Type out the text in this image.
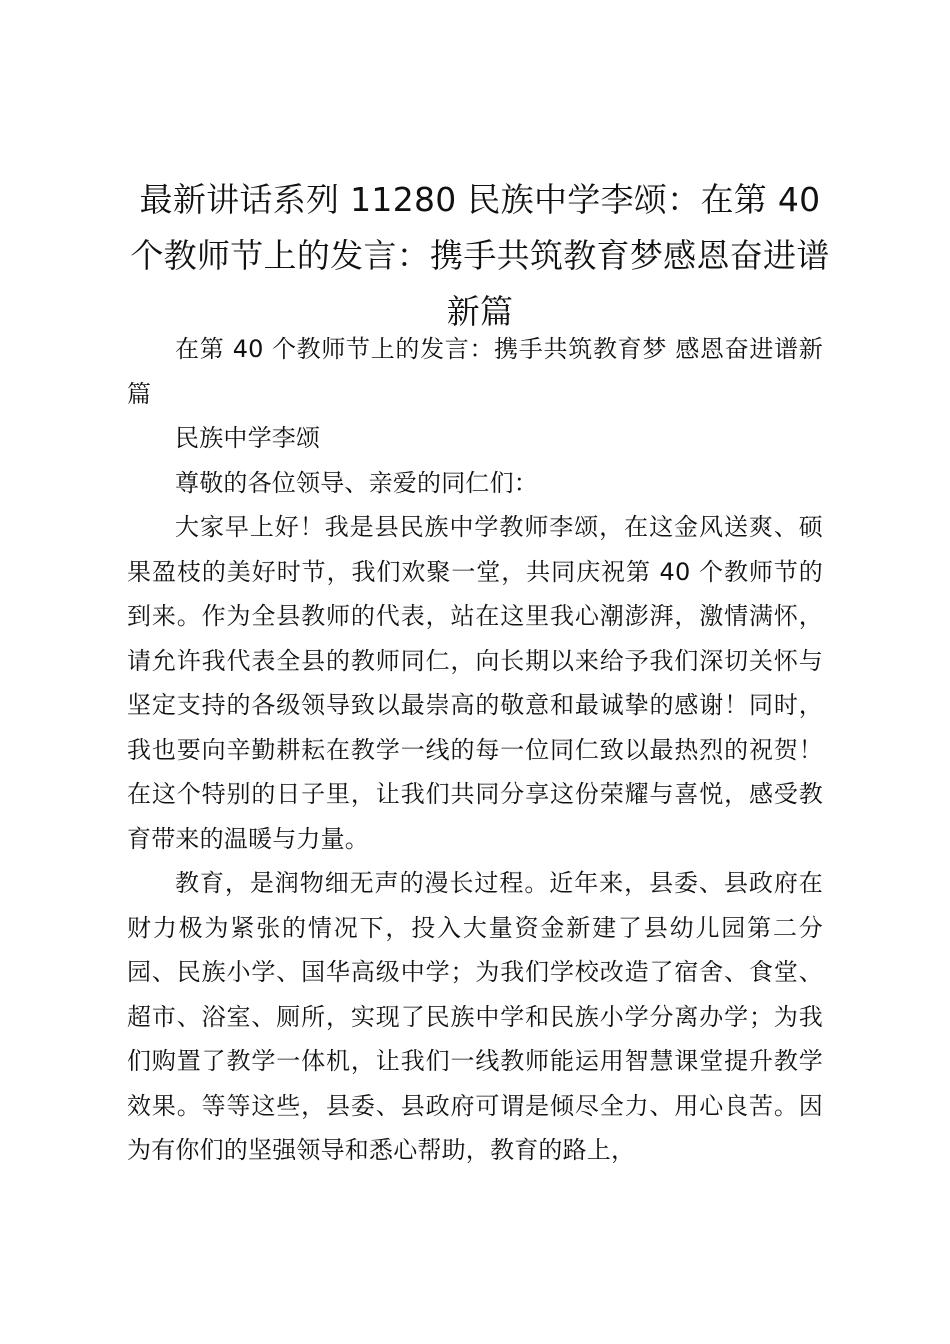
最新讲话系列 11280 民族中学李颂：在第 40 个教师节上的发言：携手共筑教育梦感恩奋进谱新篇

在第 40 个教师节上的发言：携手共筑教育梦 感恩奋进谱新篇

民族中学李颂

尊敬的各位领导、亲爱的同仁们：

大家早上好！我是县民族中学教师李颂，在这金风送爽、硕果盈枝的美好时节，我们欢聚一堂，共同庆祝第 40 个教师节的到来。作为全县教师的代表，站在这里我心潮澎湃，激情满怀，请允许我代表全县的教师同仁，向长期以来给予我们深切关怀与坚定支持的各级领导致以最崇高的敬意和最诚挚的感谢！同时，我也要向辛勤耕耘在教学一线的每一位同仁致以最热烈的祝贺！在这个特别的日子里，让我们共同分享这份荣耀与喜悦，感受教育带来的温暖与力量。

教育，是润物细无声的漫长过程。近年来，县委、县政府在财力极为紧张的情况下，投入大量资金新建了县幼儿园第二分园、民族小学、国华高级中学；为我们学校改造了宿舍、食堂、超市、浴室、厕所，实现了民族中学和民族小学分离办学；为我们购置了教学一体机，让我们一线教师能运用智慧课堂提升教学效果。等等这些，县委、县政府可谓是倾尽全力、用心良苦。因为有你们的坚强领导和悉心帮助，教育的路上，
